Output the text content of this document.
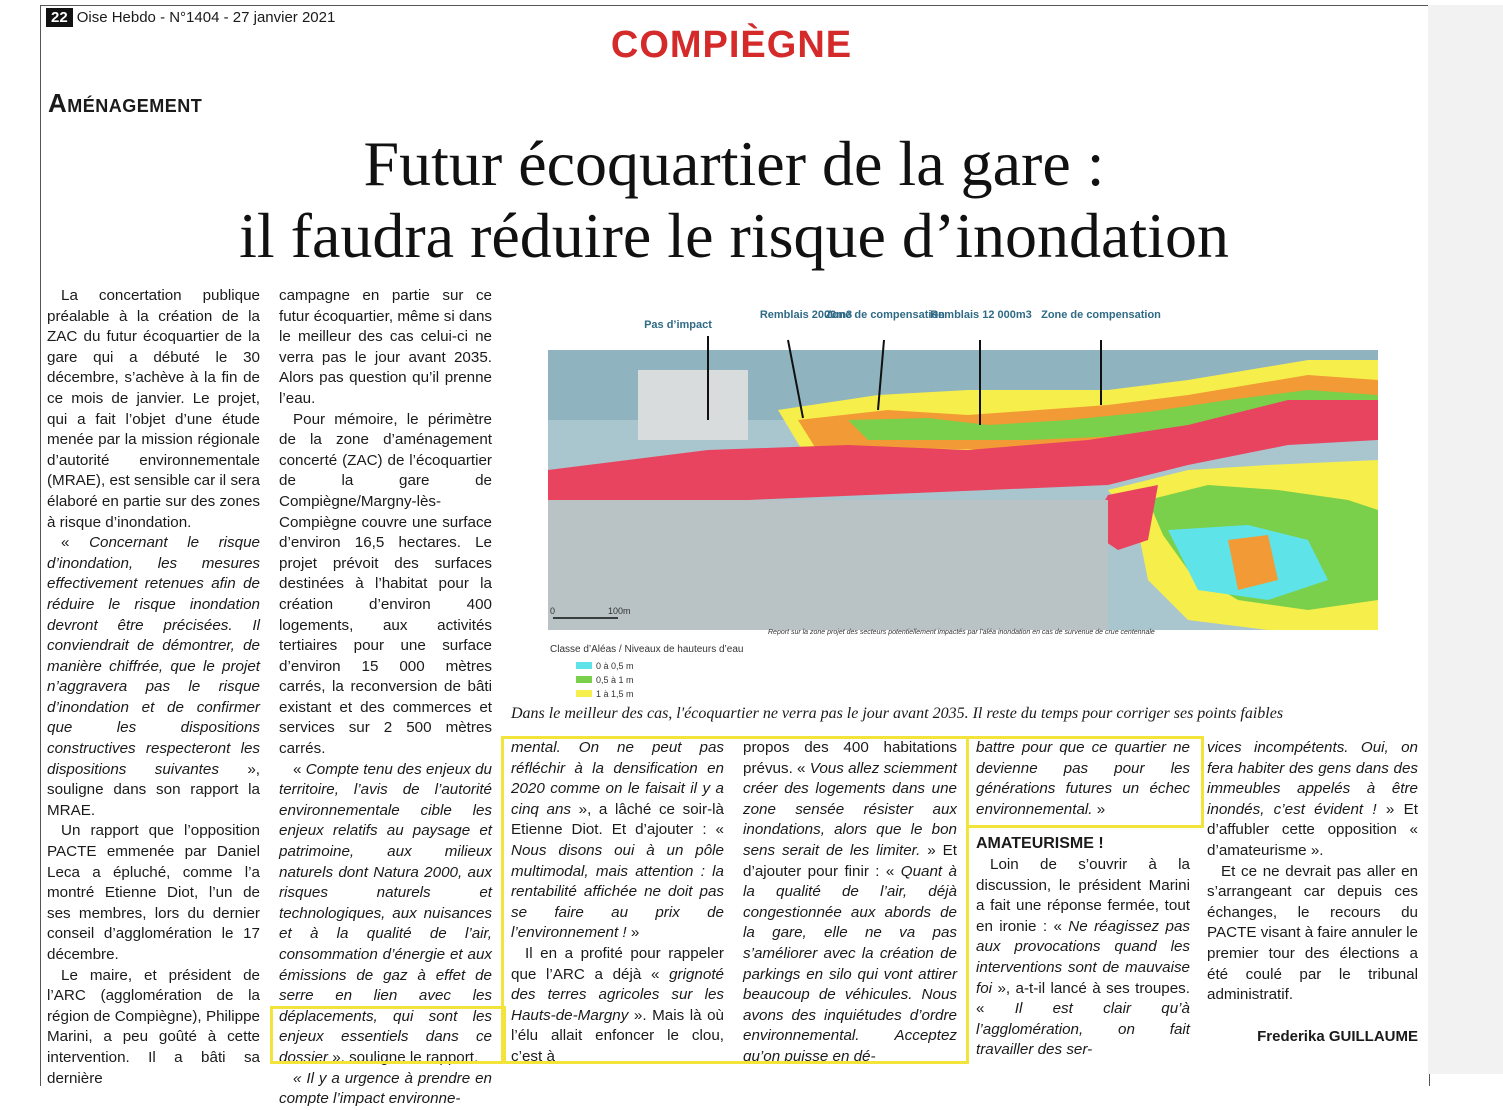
22 Oise Hebdo - N°1404 - 27 janvier 2021
COMPIÈGNE
Aménagement
Futur écoquartier de la gare :
il faudra réduire le risque d’inondation

La concertation publique préalable à la création de la ZAC du futur écoquartier de la gare qui a débuté le 30 décembre, s’achève à la fin de ce mois de janvier. Le projet, qui a fait l’objet d’une étude menée par la mission régionale d’autorité environnementale (MRAE), est sensible car il sera élaboré en partie sur des zones à risque d’inondation.

« Concernant le risque d’inondation, les mesures effectivement retenues afin de réduire le risque inondation devront être précisées. Il conviendrait de démontrer, de manière chiffrée, que le projet n’aggravera pas le risque d’inondation et de confirmer que les dispositions constructives respecteront les dispositions suivantes », souligne dans son rapport la MRAE.

Un rapport que l’opposition PACTE emmenée par Daniel Leca a épluché, comme l’a montré Etienne Diot, l’un de ses membres, lors du dernier conseil d’agglomération le 17 décembre.

Le maire, et président de l’ARC (agglomération de la région de Compiègne), Philippe Marini, a peu goûté à cette intervention. Il a bâti sa dernière

campagne en partie sur ce futur écoquartier, même si dans le meilleur des cas celui-ci ne verra pas le jour avant 2035. Alors pas question qu’il prenne l’eau.

Pour mémoire, le périmètre de la zone d’aménagement concerté (ZAC) de l’écoquartier de la gare de Compiègne/Margny-lès-Compiègne couvre une surface d’environ 16,5 hectares. Le projet prévoit des surfaces destinées à l’habitat pour la création d’environ 400 logements, aux activités tertiaires pour une surface d’environ 15 000 mètres carrés, la reconversion de bâti existant et des commerces et services sur 2 500 mètres carrés.

« Compte tenu des enjeux du territoire, l’avis de l’autorité environnementale cible les enjeux relatifs au paysage et patrimoine, aux milieux naturels dont Natura 2000, aux risques naturels et technologiques, aux nuisances et à la qualité de l’air, consommation d’énergie et aux émissions de gaz à effet de serre en lien avec les déplacements, qui sont les enjeux essentiels dans ce dossier », souligne le rapport.

« Il y a urgence à prendre en compte l’impact environne-

Pas d’impact
Remblais 2000m3
Zone de compensation
Remblais 12 000m3 Zone de compensation
0	100m
Report sur la zone projet des secteurs potentiellement impactés par l’aléa inondation en cas de survenue de crue centennale
Classe d’Aléas / Niveaux de hauteurs d’eau
0 à 0,5 m
0,5 à 1 m
1 à 1,5 m
Dans le meilleur des cas, l'écoquartier ne verra pas le jour avant 2035. Il reste du temps pour corriger ses points faibles

mental. On ne peut pas réfléchir à la densification en 2020 comme on le faisait il y a cinq ans », a lâché ce soir-là Etienne Diot. Et d’ajouter : « Nous disons oui à un pôle multimodal, mais attention : la rentabilité affichée ne doit pas se faire au prix de l’environnement ! »

Il en a profité pour rappeler que l’ARC a déjà « grignoté des terres agricoles sur les Hauts-de-Margny ». Mais là où l’élu allait enfoncer le clou, c’est à

propos des 400 habitations prévus. « Vous allez sciemment créer des logements dans une zone sensée résister aux inondations, alors que le bon sens serait de les limiter. » Et d’ajouter pour finir : « Quant à la qualité de l’air, déjà congestionnée aux abords de la gare, elle ne va pas s’améliorer avec la création de parkings en silo qui vont attirer beaucoup de véhicules. Nous avons des inquiétudes d’ordre environnemental. Acceptez qu’on puisse en dé-

battre pour que ce quartier ne devienne pas pour les générations futures un échec environnemental. »

AMATEURISME !

Loin de s’ouvrir à la discussion, le président Marini a fait une réponse fermée, tout en ironie : « Ne réagissez pas aux provocations quand les interventions sont de mauvaise foi », a-t-il lancé à ses troupes. « Il est clair qu’à l’agglomération, on fait travailler des ser-

vices incompétents. Oui, on fera habiter des gens dans des immeubles appelés à être inondés, c’est évident ! » Et d’affubler cette opposition « d’amateurisme ».

Et ce ne devrait pas aller en s’arrangeant car depuis ces échanges, le recours du PACTE visant à faire annuler le premier tour des élections a été coulé par le tribunal administratif.

Frederika GUILLAUME
